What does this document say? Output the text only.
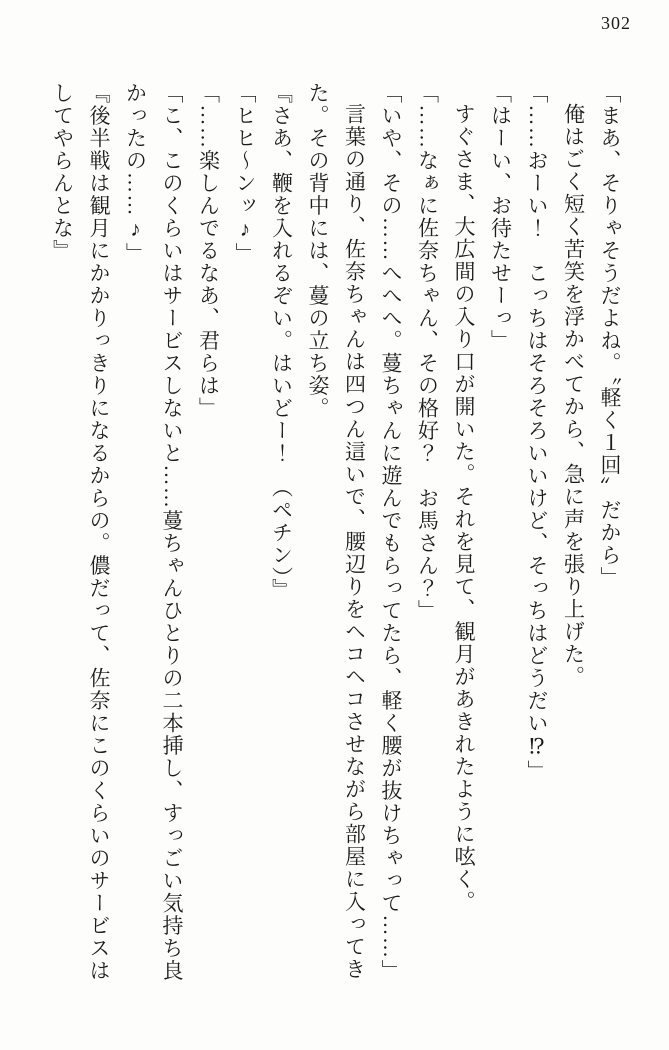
302
「まあ、そりゃそうだよね。〝軽く１回〟だから」
俺はごく短く苦笑を浮かべてから、急に声を張り上げた。
「……おーい！　こっちはそろそろいいけど、そっちはどうだい⁉」
「はーい、お待たせーっ」
すぐさま、大広間の入り口が開いた。それを見て、観月があきれたように呟く。
「……なぁに佐奈ちゃん、その格好？　お馬さん？」
「いや、その……へへへ。蔓ちゃんに遊んでもらってたら、軽く腰が抜けちゃって……」
言葉の通り、佐奈ちゃんは四つん這いで、腰辺りをヘコヘコさせながら部屋に入ってき
た。その背中には、蔓の立ち姿。
『さあ、鞭を入れるぞい。はいどー！　（ペチン）』
「ヒヒ〜ンッ♪」
「……楽しんでるなあ、君らは」
「こ、このくらいはサービスしないと……蔓ちゃんひとりの二本挿し、すっごい気持ち良
かったの……♪」
『後半戦は観月にかかりっきりになるからの。儂だって、佐奈にこのくらいのサービスは
してやらんとな』
